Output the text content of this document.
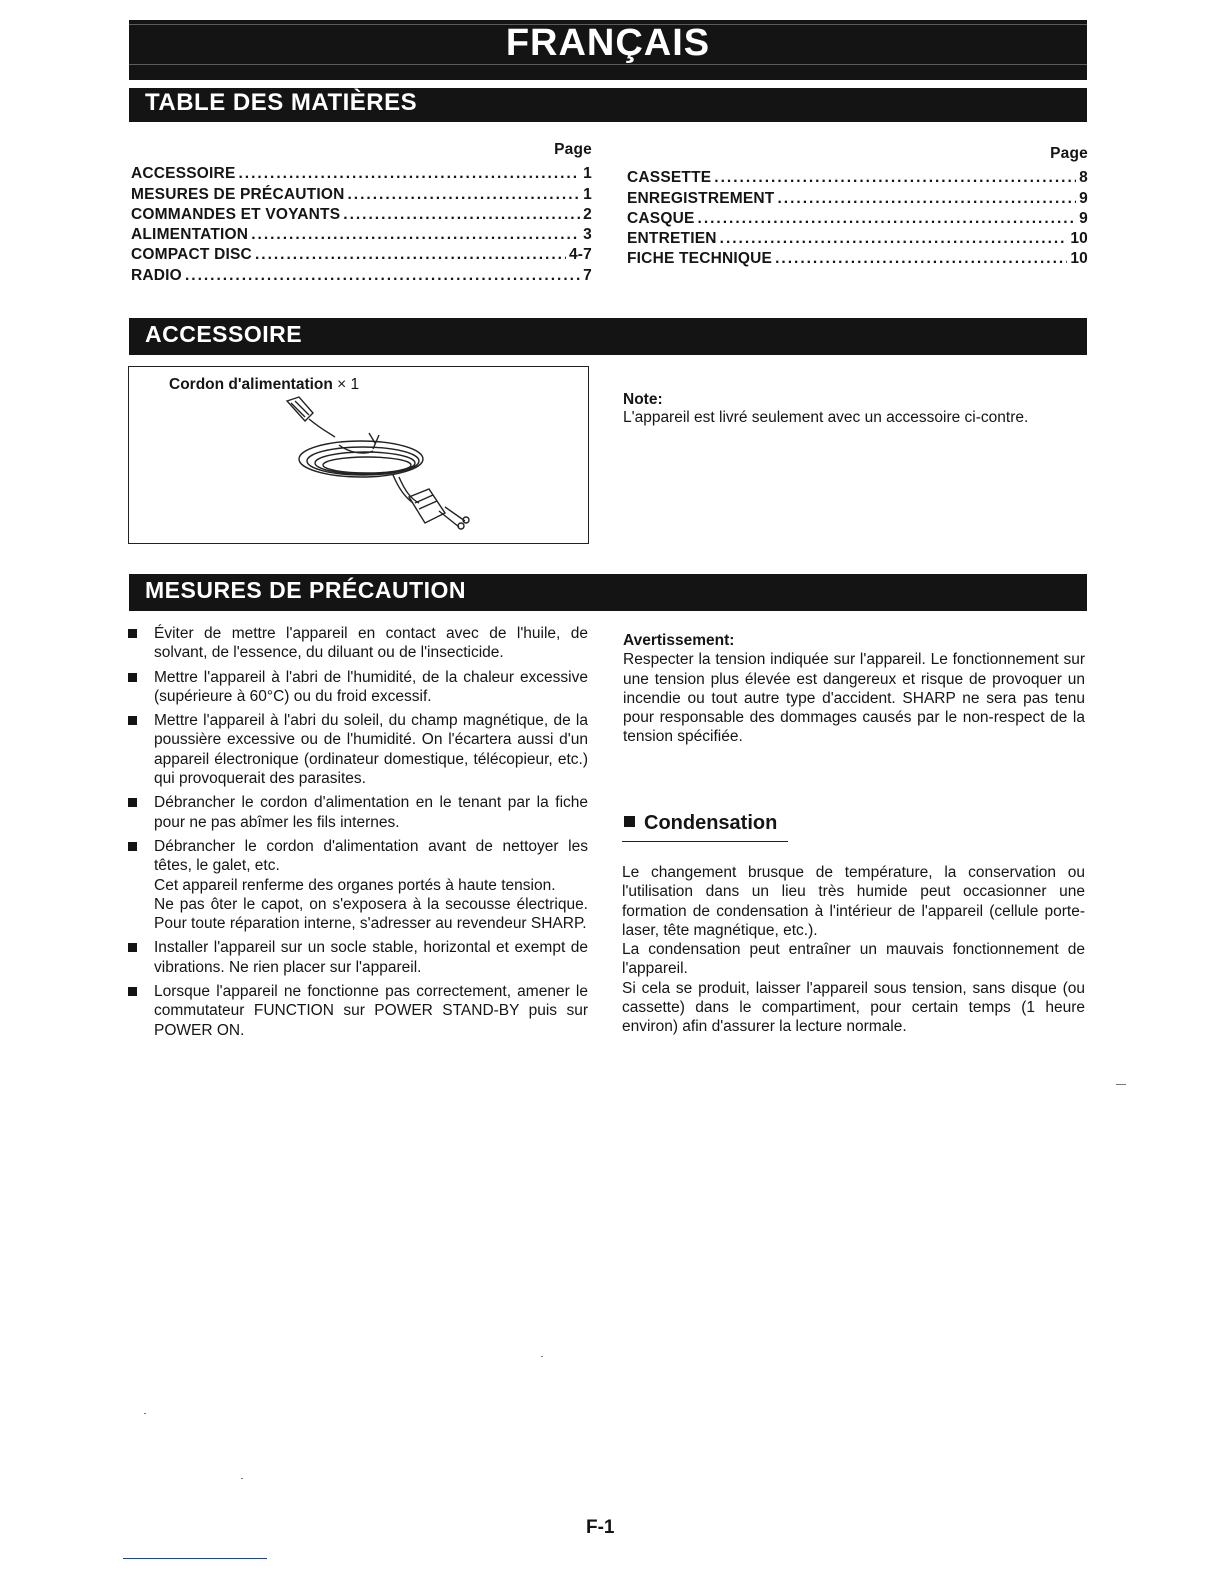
FRANÇAIS
TABLE DES MATIÈRES
Page
ACCESSOIRE .....	1
MESURES DE PRÉCAUTION .....	1
COMMANDES ET VOYANTS .....	2
ALIMENTATION .....	3
COMPACT DISC .....	4-7
RADIO .....	7
Page
CASSETTE .....	8
ENREGISTREMENT .....	9
CASQUE .....	9
ENTRETIEN .....	10
FICHE TECHNIQUE .....	10
ACCESSOIRE
Cordon d'alimentation × 1
Note:
L'appareil est livré seulement avec un accessoire ci-contre.
MESURES DE PRÉCAUTION
Éviter de mettre l'appareil en contact avec de l'huile, de solvant, de l'essence, du diluant ou de l'insecticide.
Mettre l'appareil à l'abri de l'humidité, de la chaleur excessive (supérieure à 60°C) ou du froid excessif.
Mettre l'appareil à l'abri du soleil, du champ magnétique, de la poussière excessive ou de l'humidité. On l'écartera aussi d'un appareil électronique (ordinateur domestique, télécopieur, etc.) qui provoquerait des parasites.
Débrancher le cordon d'alimentation en le tenant par la fiche pour ne pas abîmer les fils internes.
Débrancher le cordon d'alimentation avant de nettoyer les têtes, le galet, etc.
Cet appareil renferme des organes portés à haute tension.
Ne pas ôter le capot, on s'exposera à la secousse électrique. Pour toute réparation interne, s'adresser au revendeur SHARP.
Installer l'appareil sur un socle stable, horizontal et exempt de vibrations. Ne rien placer sur l'appareil.
Lorsque l'appareil ne fonctionne pas correctement, amener le commutateur FUNCTION sur POWER STAND-BY puis sur POWER ON.
Avertissement:
Respecter la tension indiquée sur l'appareil. Le fonctionnement sur une tension plus élevée est dangereux et risque de provoquer un incendie ou tout autre type d'accident. SHARP ne sera pas tenu pour responsable des dommages causés par le non-respect de la tension spécifiée.
Condensation

Le changement brusque de température, la conservation ou l'utilisation dans un lieu très humide peut occasionner une formation de condensation à l'intérieur de l'appareil (cellule porte-laser, tête magnétique, etc.).

La condensation peut entraîner un mauvais fonctionnement de l'appareil.

Si cela se produit, laisser l'appareil sous tension, sans disque (ou cassette) dans le compartiment, pour certain temps (1 heure environ) afin d'assurer la lecture normale.

F-1
